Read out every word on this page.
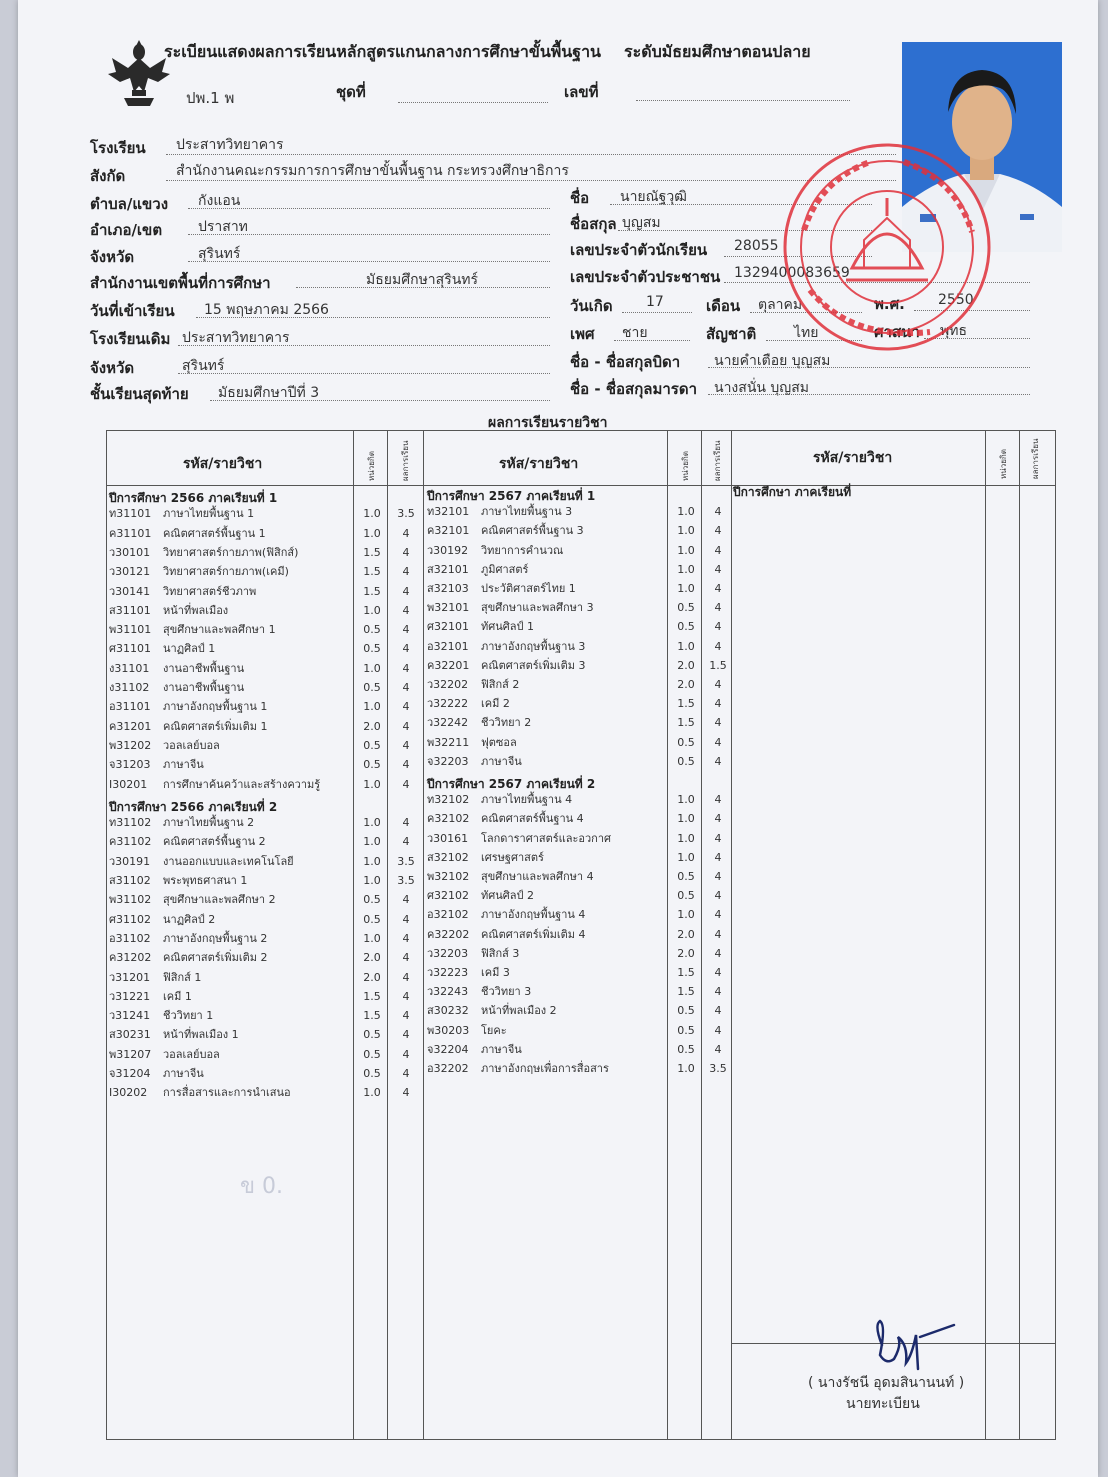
ระเบียนแสดงผลการเรียนหลักสูตรแกนกลางการศึกษาขั้นพื้นฐาน ระดับมัธยมศึกษาตอนปลาย
ปพ.1 พ	ชุดที่	เลขที่
โรงเรียน ประสาทวิทยาคาร
สังกัด	สำนักงานคณะกรรมการการศึกษาขั้นพื้นฐาน กระทรวงศึกษาธิการ
ตำบล/แขวง กังแอน
อำเภอ/เขต	ปราสาท
จังหวัด	สุรินทร์
สำนักงานเขตพื้นที่การศึกษา	มัธยมศึกษาสุรินทร์
วันที่เข้าเรียน 15 พฤษภาคม 2566
โรงเรียนเดิม ประสาทวิทยาคาร
จังหวัด	สุรินทร์
ชั้นเรียนสุดท้าย มัธยมศึกษาปีที่ 3
ชื่อ นายณัฐวุฒิ
ชื่อสกุล บุญสม
เลขประจำตัวนักเรียน 28055
เลขประจำตัวประชาชน 1329400083659
วันเกิด 17	เดือน ตุลาคม	พ.ศ. 2550
เพศ ชาย	สัญชาติ	ไทย	ศาสนา พุทธ
ชื่อ - ชื่อสกุลบิดา นายคำเตือย บุญสม
ชื่อ - ชื่อสกุลมารดา นางสนั่น บุญสม
ผลการเรียนรายวิชา
รหัส/รายวิชา	หน่วยกิต	ผลการเรียน	รหัส/รายวิชา	หน่วยกิต	ผลการเรียน	รหัส/รายวิชา	หน่วยกิต	ผลการเรียน
ปีการศึกษา 2566 ภาคเรียนที่ 1
ท31101	ภาษาไทยพื้นฐาน 1	1.0	3.5
ค31101	คณิตศาสตร์พื้นฐาน 1	1.0	4
ว30101	วิทยาศาสตร์กายภาพ(ฟิสิกส์)	1.5	4
ว30121	วิทยาศาสตร์กายภาพ(เคมี)	1.5	4
ว30141	วิทยาศาสตร์ชีวภาพ	1.5	4
ส31101	หน้าที่พลเมือง	1.0	4
พ31101	สุขศึกษาและพลศึกษา 1	0.5	4
ศ31101	นาฏศิลป์ 1	0.5	4
ง31101	งานอาชีพพื้นฐาน	1.0	4
ง31102	งานอาชีพพื้นฐาน	0.5	4
อ31101	ภาษาอังกฤษพื้นฐาน 1	1.0	4
ค31201	คณิตศาสตร์เพิ่มเติม 1	2.0	4
พ31202	วอลเลย์บอล	0.5	4
จ31203	ภาษาจีน	0.5	4
I30201	การศึกษาค้นคว้าและสร้างความรู้	1.0	4
ปีการศึกษา 2566 ภาคเรียนที่ 2
ท31102	ภาษาไทยพื้นฐาน 2	1.0	4
ค31102	คณิตศาสตร์พื้นฐาน 2	1.0	4
ว30191	งานออกแบบและเทคโนโลยี	1.0	3.5
ส31102	พระพุทธศาสนา 1	1.0	3.5
พ31102	สุขศึกษาและพลศึกษา 2	0.5	4
ศ31102	นาฏศิลป์ 2	0.5	4
อ31102	ภาษาอังกฤษพื้นฐาน 2	1.0	4
ค31202	คณิตศาสตร์เพิ่มเติม 2	2.0	4
ว31201	ฟิสิกส์ 1	2.0	4
ว31221	เคมี 1	1.5	4
ว31241	ชีววิทยา 1	1.5	4
ส30231	หน้าที่พลเมือง 1	0.5	4
พ31207	วอลเลย์บอล	0.5	4
จ31204	ภาษาจีน	0.5	4
I30202	การสื่อสารและการนำเสนอ	1.0	4
ปีการศึกษา 2567 ภาคเรียนที่ 1
ท32101	ภาษาไทยพื้นฐาน 3	1.0	4
ค32101	คณิตศาสตร์พื้นฐาน 3	1.0	4
ว30192	วิทยาการคำนวณ	1.0	4
ส32101	ภูมิศาสตร์	1.0	4
ส32103	ประวัติศาสตร์ไทย 1	1.0	4
พ32101	สุขศึกษาและพลศึกษา 3	0.5	4
ศ32101	ทัศนศิลป์ 1	0.5	4
อ32101	ภาษาอังกฤษพื้นฐาน 3	1.0	4
ค32201	คณิตศาสตร์เพิ่มเติม 3	2.0	1.5
ว32202	ฟิสิกส์ 2	2.0	4
ว32222	เคมี 2	1.5	4
ว32242	ชีววิทยา 2	1.5	4
พ32211	ฟุตซอล	0.5	4
จ32203	ภาษาจีน	0.5	4
ปีการศึกษา 2567 ภาคเรียนที่ 2
ท32102	ภาษาไทยพื้นฐาน 4	1.0	4
ค32102	คณิตศาสตร์พื้นฐาน 4	1.0	4
ว30161	โลกดาราศาสตร์และอวกาศ	1.0	4
ส32102	เศรษฐศาสตร์	1.0	4
พ32102	สุขศึกษาและพลศึกษา 4	0.5	4
ศ32102	ทัศนศิลป์ 2	0.5	4
อ32102	ภาษาอังกฤษพื้นฐาน 4	1.0	4
ค32202	คณิตศาสตร์เพิ่มเติม 4	2.0	4
ว32203	ฟิสิกส์ 3	2.0	4
ว32223	เคมี 3	1.5	4
ว32243	ชีววิทยา 3	1.5	4
ส30232	หน้าที่พลเมือง 2	0.5	4
พ30203	โยคะ	0.5	4
จ32204	ภาษาจีน	0.5	4
อ32202	ภาษาอังกฤษเพื่อการสื่อสาร	1.0	3.5
ปีการศึกษา ภาคเรียนที่
ข 0.
( นางรัชนี อุดมสินานนท์ )
นายทะเบียน
